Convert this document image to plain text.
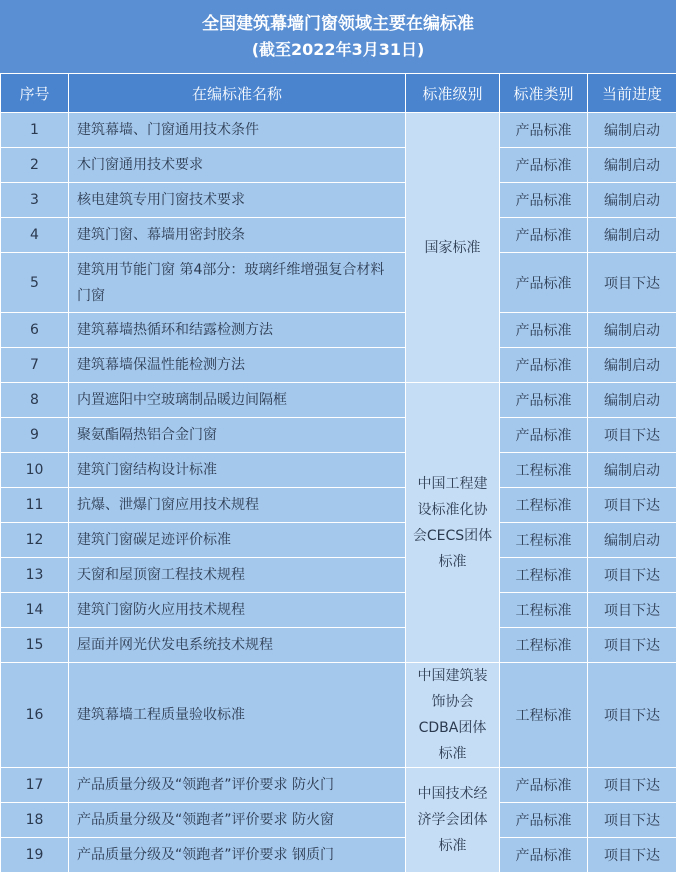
全国建筑幕墙门窗领域主要在编标准
(截至2022年3月31日)
序号	在编标准名称	标准级别	标准类别	当前进度
1	建筑幕墙、门窗通用技术条件	国家标准	产品标准	编制启动
2	木门窗通用技术要求		产品标准	编制启动
3	核电建筑专用门窗技术要求		产品标准	编制启动
4	建筑门窗、幕墙用密封胶条		产品标准	编制启动
5	建筑用节能门窗 第4部分：玻璃纤维增强复合材料门窗		产品标准	项目下达
6	建筑幕墙热循环和结露检测方法		产品标准	编制启动
7	建筑幕墙保温性能检测方法		产品标准	编制启动
8	内置遮阳中空玻璃制品暖边间隔框	中国工程建设标准化协会CECS团体标准	产品标准	编制启动
9	聚氨酯隔热铝合金门窗		产品标准	项目下达
10	建筑门窗结构设计标准		工程标准	编制启动
11	抗爆、泄爆门窗应用技术规程		工程标准	项目下达
12	建筑门窗碳足迹评价标准		工程标准	编制启动
13	天窗和屋顶窗工程技术规程		工程标准	项目下达
14	建筑门窗防火应用技术规程		工程标准	项目下达
15	屋面并网光伏发电系统技术规程		工程标准	项目下达
16	建筑幕墙工程质量验收标准	中国建筑装饰协会CDBA团体标准	工程标准	项目下达
17	产品质量分级及“领跑者”评价要求 防火门	中国技术经济学会团体标准	产品标准	项目下达
18	产品质量分级及“领跑者”评价要求 防火窗		产品标准	项目下达
19	产品质量分级及“领跑者”评价要求 钢质门		产品标准	项目下达
